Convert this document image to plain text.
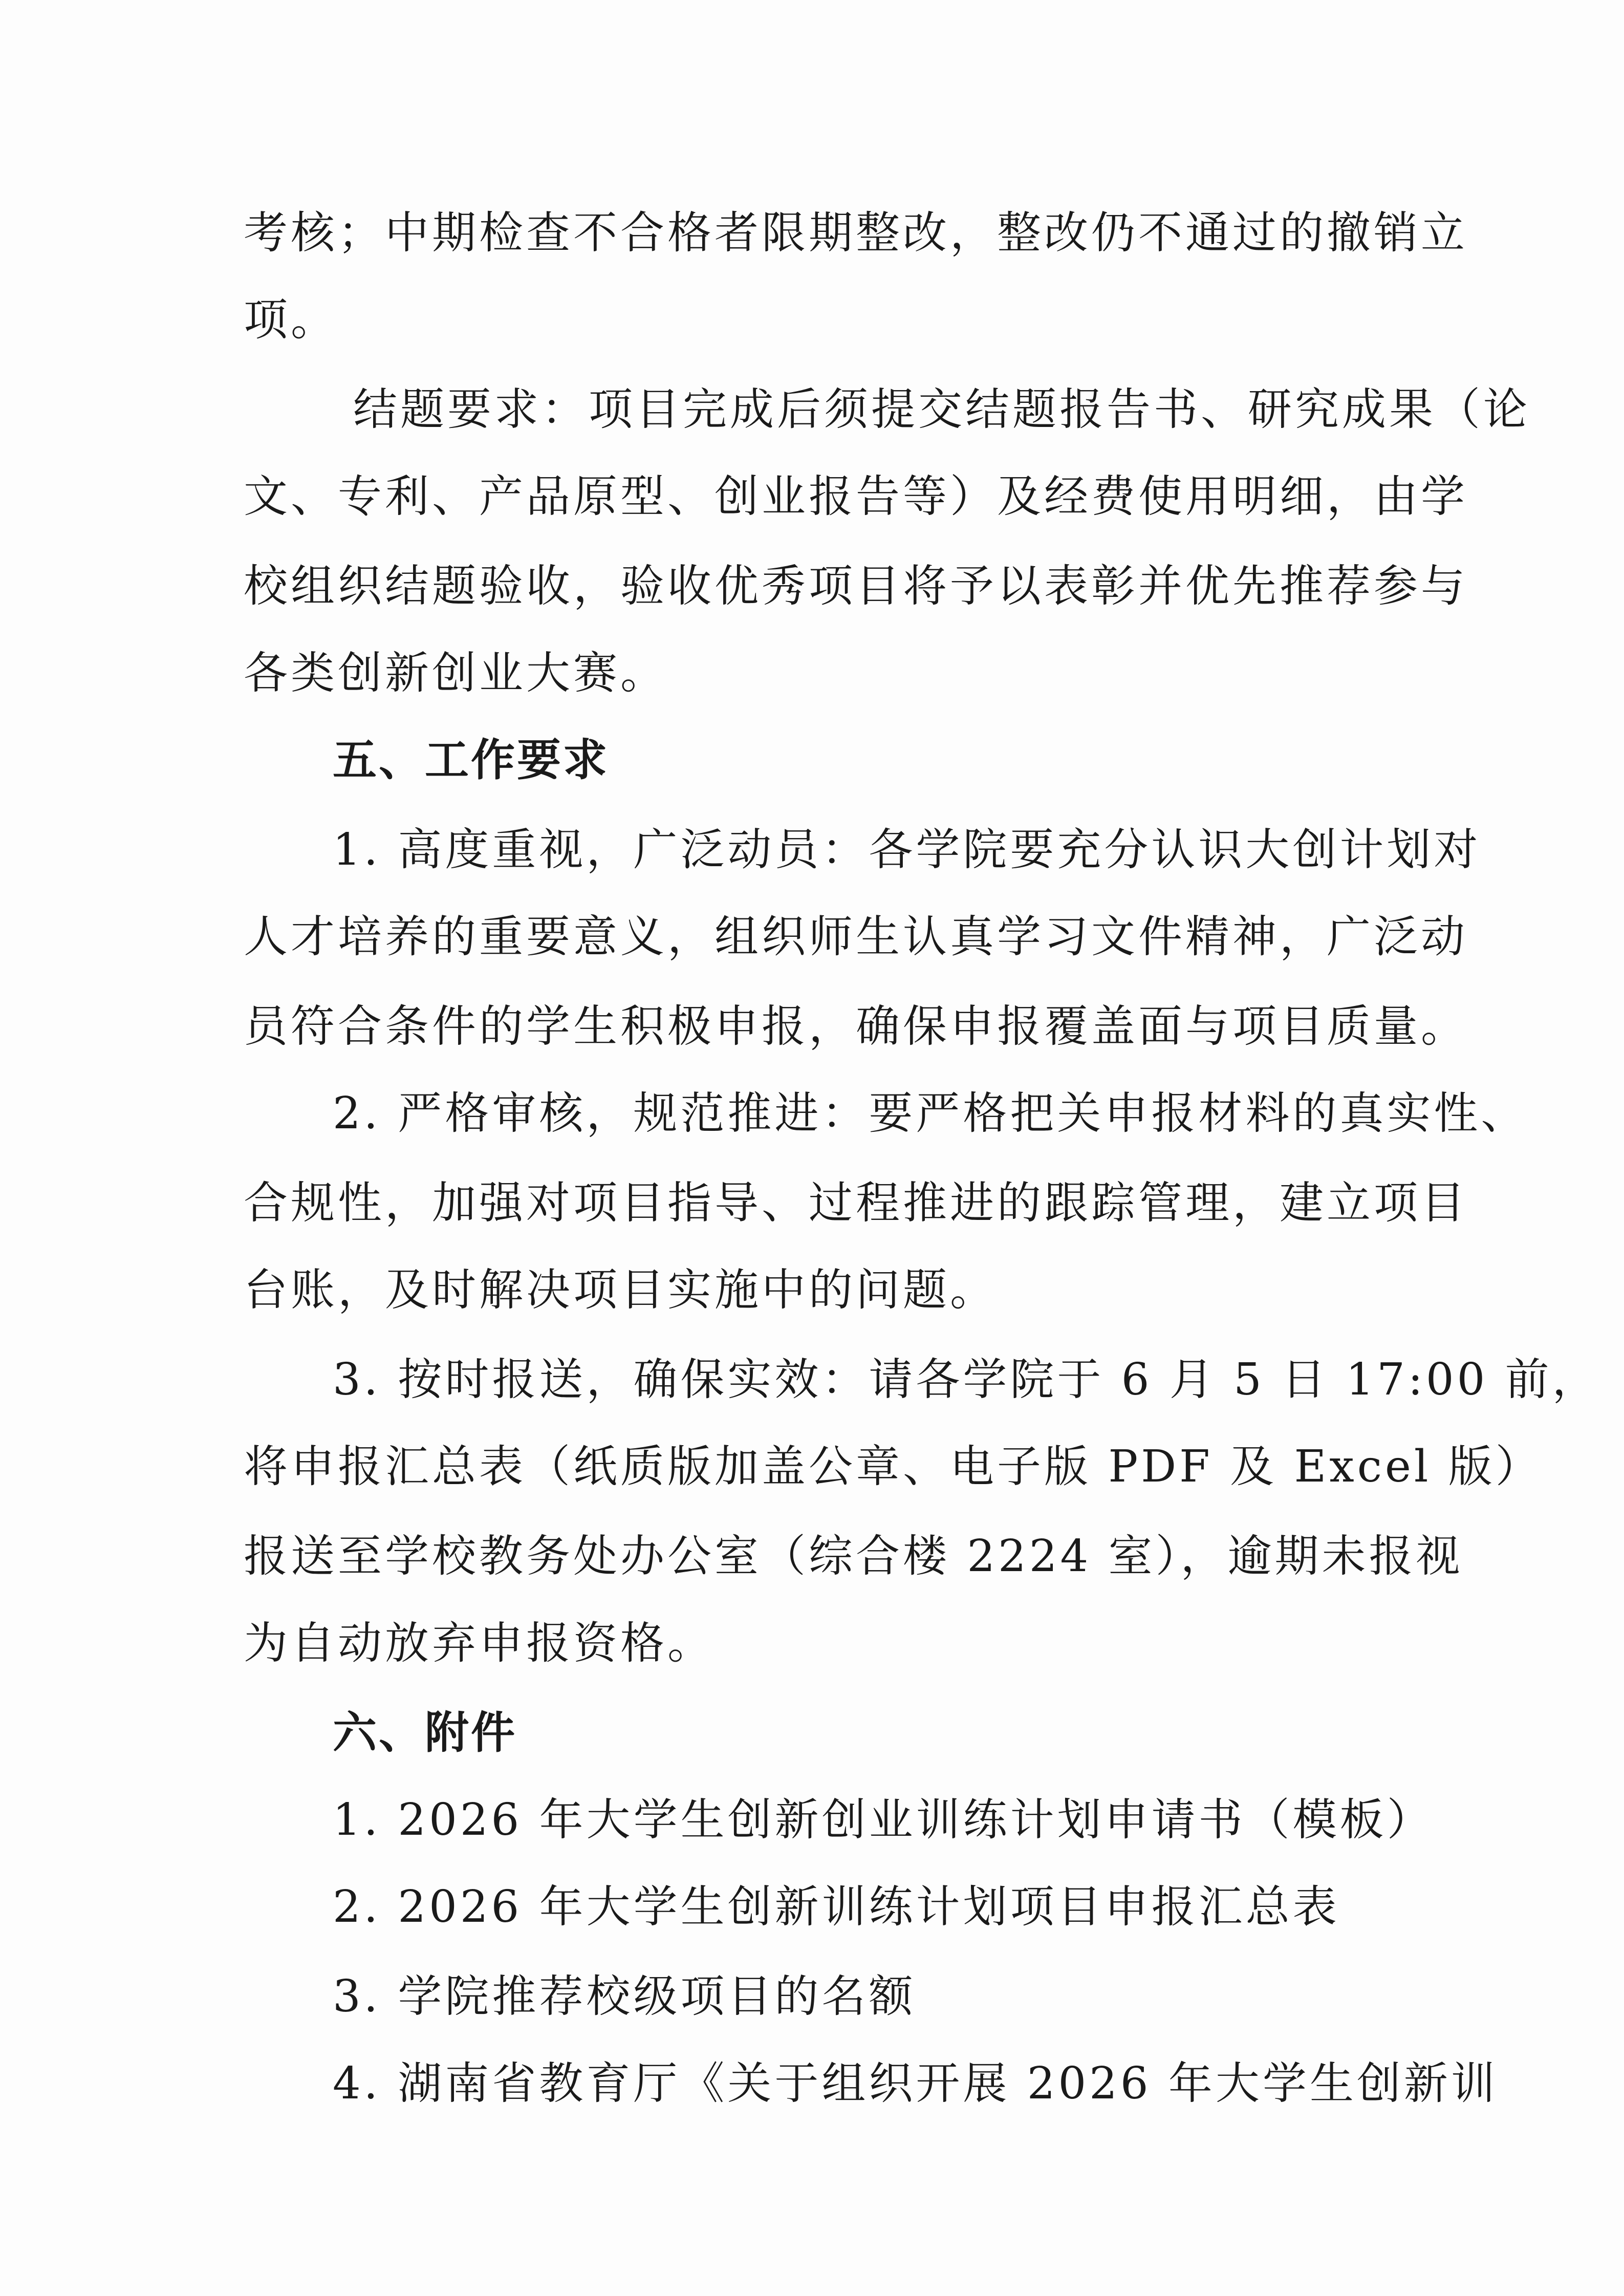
考核；中期检查不合格者限期整改，整改仍不通过的撤销立
项。
结题要求：项目完成后须提交结题报告书、研究成果（论
文、专利、产品原型、创业报告等）及经费使用明细，由学
校组织结题验收，验收优秀项目将予以表彰并优先推荐参与
各类创新创业大赛。
五、工作要求
1. 高度重视，广泛动员：各学院要充分认识大创计划对
人才培养的重要意义，组织师生认真学习文件精神，广泛动
员符合条件的学生积极申报，确保申报覆盖面与项目质量。
2. 严格审核，规范推进：要严格把关申报材料的真实性、
合规性，加强对项目指导、过程推进的跟踪管理，建立项目
台账，及时解决项目实施中的问题。
3. 按时报送，确保实效：请各学院于 6 月 5 日 17:00 前，
将申报汇总表（纸质版加盖公章、电子版 PDF 及 Excel 版）
报送至学校教务处办公室（综合楼 2224 室），逾期未报视
为自动放弃申报资格。
六、附件
1. 2026 年大学生创新创业训练计划申请书（模板）
2. 2026 年大学生创新训练计划项目申报汇总表
3. 学院推荐校级项目的名额
4. 湖南省教育厅《关于组织开展 2026 年大学生创新训
